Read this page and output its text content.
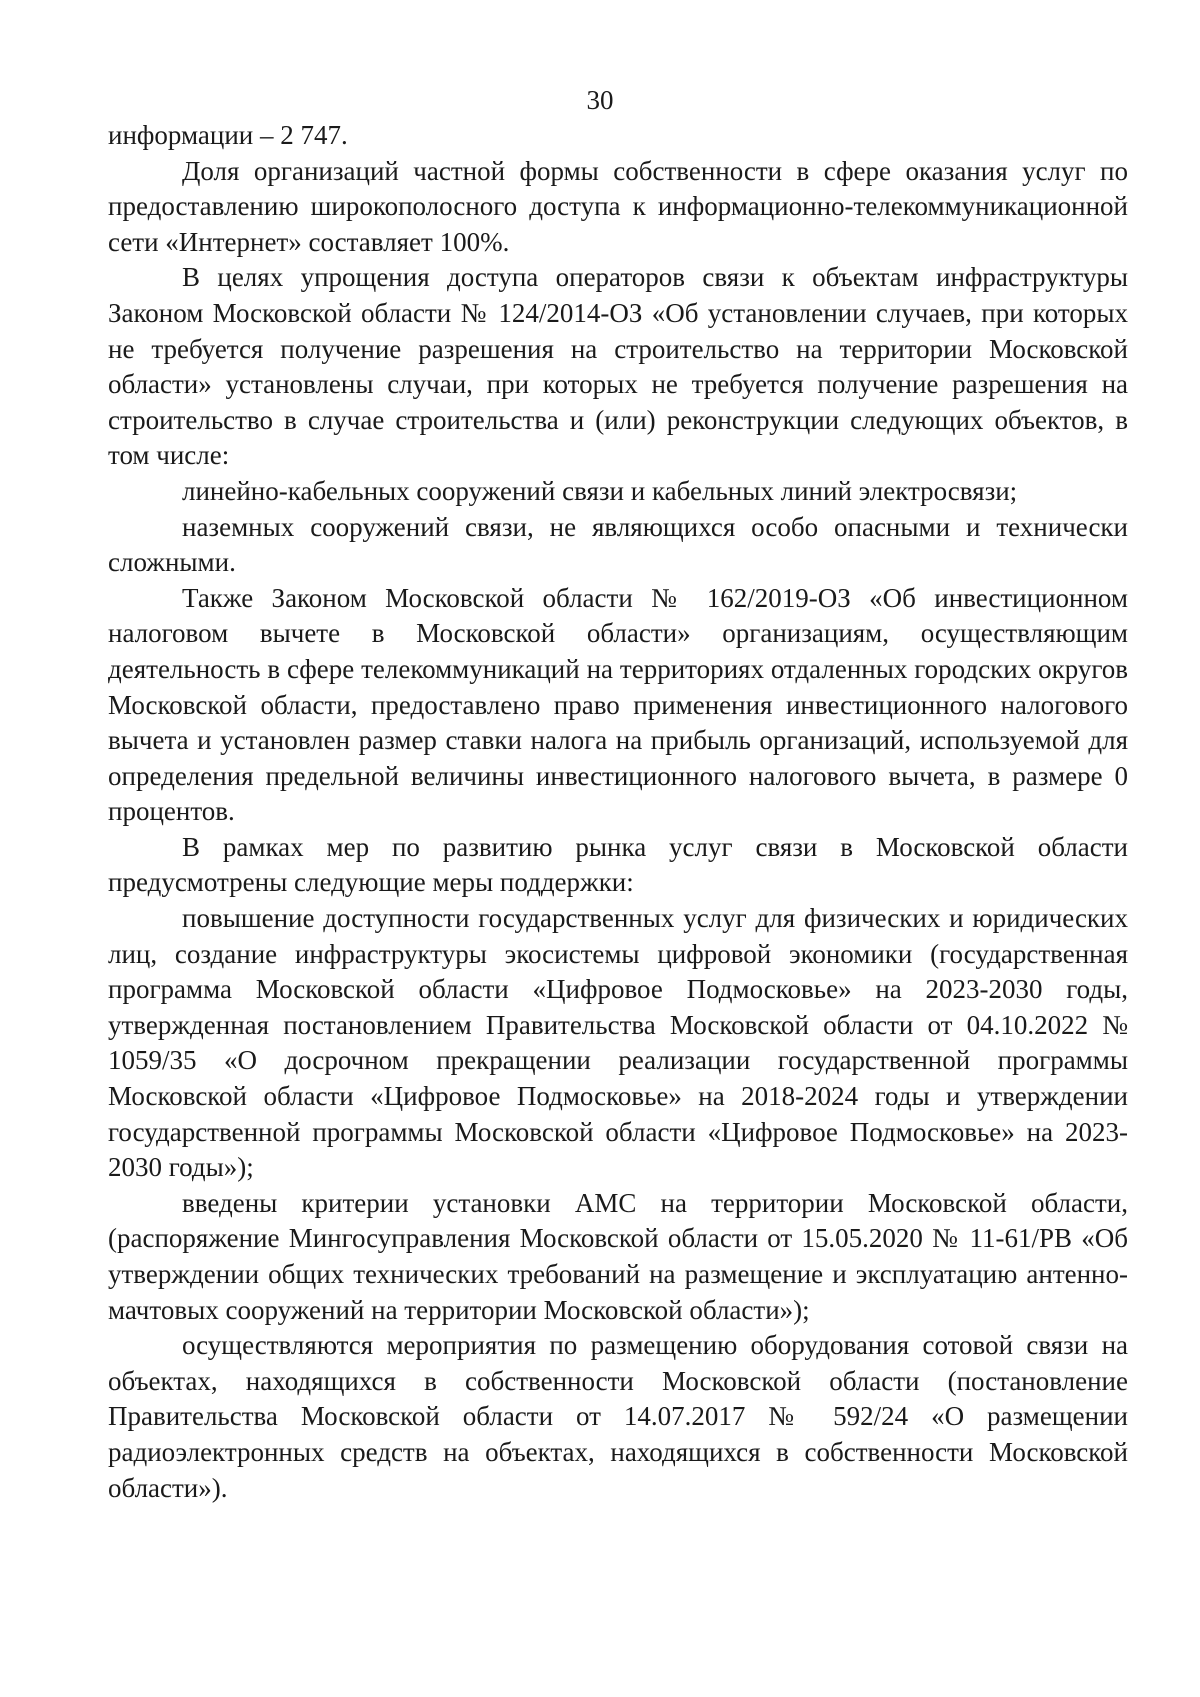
30

информации – 2 747.

Доля организаций частной формы собственности в сфере оказания услуг по предоставлению широкополосного доступа к информационно-телекоммуникационной сети «Интернет» составляет 100%.

В целях упрощения доступа операторов связи к объектам инфраструктуры Законом Московской области № 124/2014-ОЗ «Об установлении случаев, при которых не требуется получение разрешения на строительство на территории Московской области» установлены случаи, при которых не требуется получение разрешения на строительство в случае строительства и (или) реконструкции следующих объектов, в том числе:

линейно-кабельных сооружений связи и кабельных линий электросвязи;

наземных сооружений связи, не являющихся особо опасными и технически сложными.

Также Законом Московской области № 162/2019-ОЗ «Об инвестиционном налоговом вычете в Московской области» организациям, осуществляющим деятельность в сфере телекоммуникаций на территориях отдаленных городских округов Московской области, предоставлено право применения инвестиционного налогового вычета и установлен размер ставки налога на прибыль организаций, используемой для определения предельной величины инвестиционного налогового вычета, в размере 0 процентов.

В рамках мер по развитию рынка услуг связи в Московской области предусмотрены следующие меры поддержки:

повышение доступности государственных услуг для физических и юридических лиц, создание инфраструктуры экосистемы цифровой экономики (государственная программа Московской области «Цифровое Подмосковье» на 2023-2030 годы, утвержденная постановлением Правительства Московской области от 04.10.2022 № 1059/35 «О досрочном прекращении реализации государственной программы Московской области «Цифровое Подмосковье» на 2018-2024 годы и утверждении государственной программы Московской области «Цифровое Подмосковье» на 2023-2030 годы»);

введены критерии установки АМС на территории Московской области, (распоряжение Мингосуправления Московской области от 15.05.2020 № 11-61/РВ «Об утверждении общих технических требований на размещение и эксплуатацию антенно-мачтовых сооружений на территории Московской области»);

осуществляются мероприятия по размещению оборудования сотовой связи на объектах, находящихся в собственности Московской области (постановление Правительства Московской области от 14.07.2017 № 592/24 «О размещении радиоэлектронных средств на объектах, находящихся в собственности Московской области»).
